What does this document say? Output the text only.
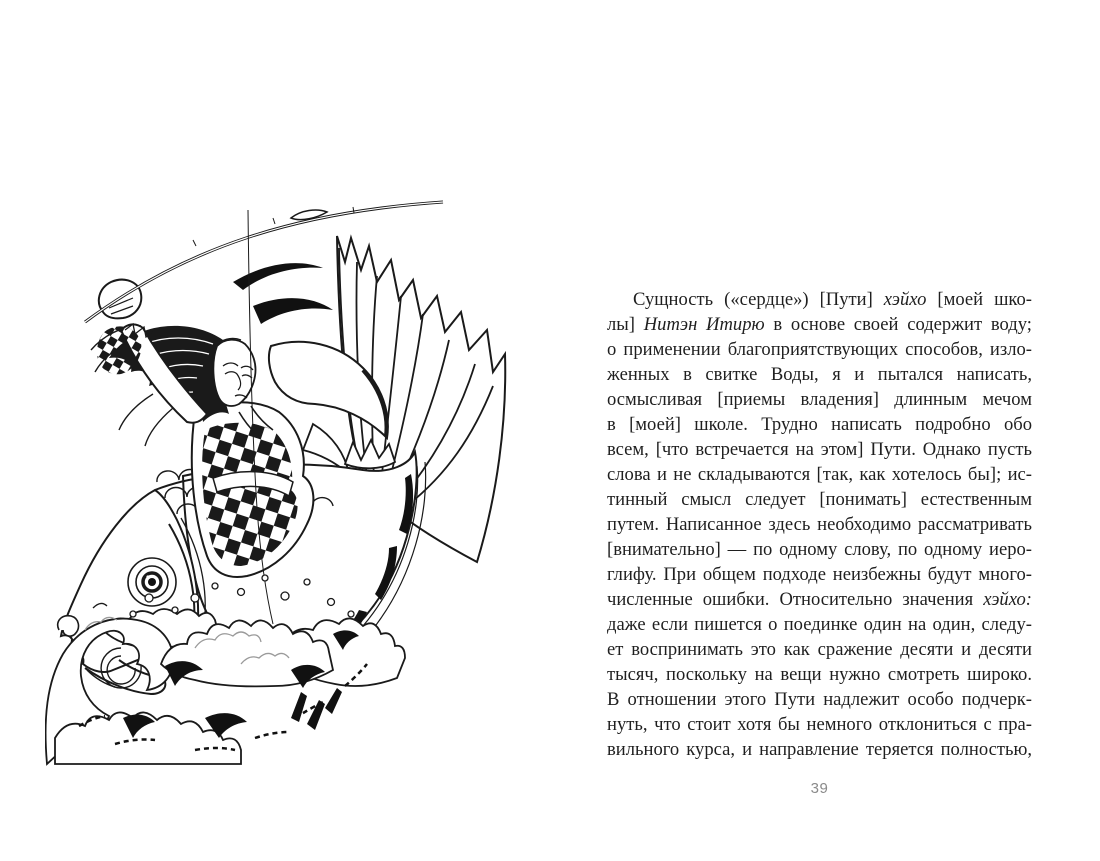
Сущность («сердце») [Пути] хэйхо [моей шко-
лы] Нитэн Итирю в основе своей содержит воду;
о применении благоприятствующих способов, изло-
женных в свитке Воды, я и пытался написать,
осмысливая [приемы владения] длинным мечом
в [моей] школе. Трудно написать подробно обо
всем, [что встречается на этом] Пути. Однако пусть
слова и не складываются [так, как хотелось бы]; ис-
тинный смысл следует [понимать] естественным
путем. Написанное здесь необходимо рассматривать
[внимательно] — по одному слову, по одному иеро-
глифу. При общем подходе неизбежны будут много-
численные ошибки. Относительно значения хэйхо:
даже если пишется о поединке один на один, следу-
ет воспринимать это как сражение десяти и десяти
тысяч, поскольку на вещи нужно смотреть широко.
В отношении этого Пути надлежит особо подчерк-
нуть, что стоит хотя бы немного отклониться с пра-
вильного курса, и направление теряется полностью,
39
